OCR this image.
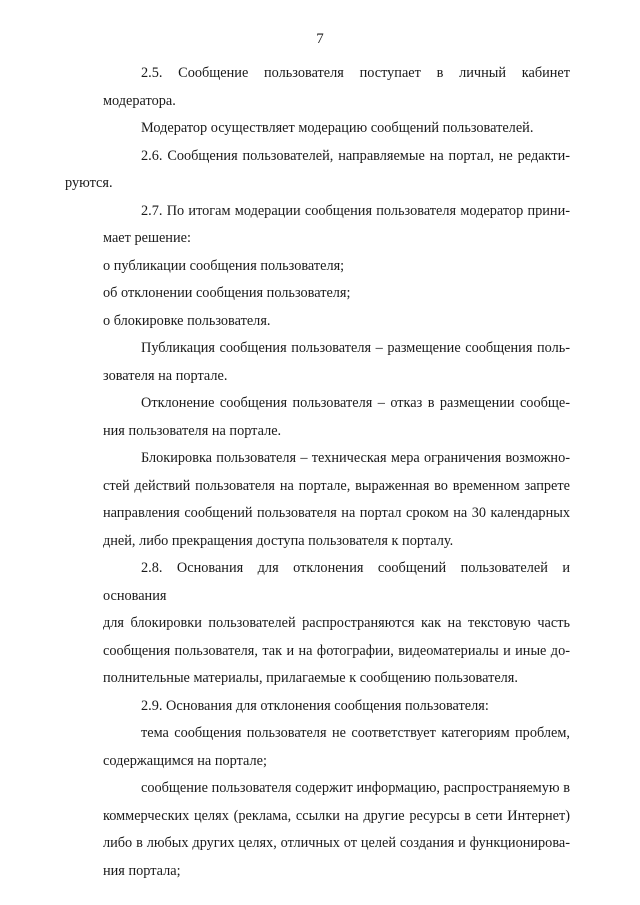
7

2.5. Сообщение пользователя поступает в личный кабинет модератора.

Модератор осуществляет модерацию сообщений пользователей.

2.6. Сообщения пользователей, направляемые на портал, не редакти-
руются.

2.7. По итогам модерации сообщения пользователя модератор прини-
мает решение:

о публикации сообщения пользователя;

об отклонении сообщения пользователя;

о блокировке пользователя.

Публикация сообщения пользователя – размещение сообщения поль-
зователя на портале.

Отклонение сообщения пользователя – отказ в размещении сообще-
ния пользователя на портале.

Блокировка пользователя – техническая мера ограничения возможно-
стей действий пользователя на портале, выраженная во временном запрете
направления сообщений пользователя на портал сроком на 30 календарных
дней, либо прекращения доступа пользователя к порталу.

2.8. Основания для отклонения сообщений пользователей и основания
для блокировки пользователей распространяются как на текстовую часть
сообщения пользователя, так и на фотографии, видеоматериалы и иные до-
полнительные материалы, прилагаемые к сообщению пользователя.

2.9. Основания для отклонения сообщения пользователя:

тема сообщения пользователя не соответствует категориям проблем,
содержащимся на портале;

сообщение пользователя содержит информацию, распространяемую в
коммерческих целях (реклама, ссылки на другие ресурсы в сети Интернет)
либо в любых других целях, отличных от целей создания и функционирова-
ния портала;
